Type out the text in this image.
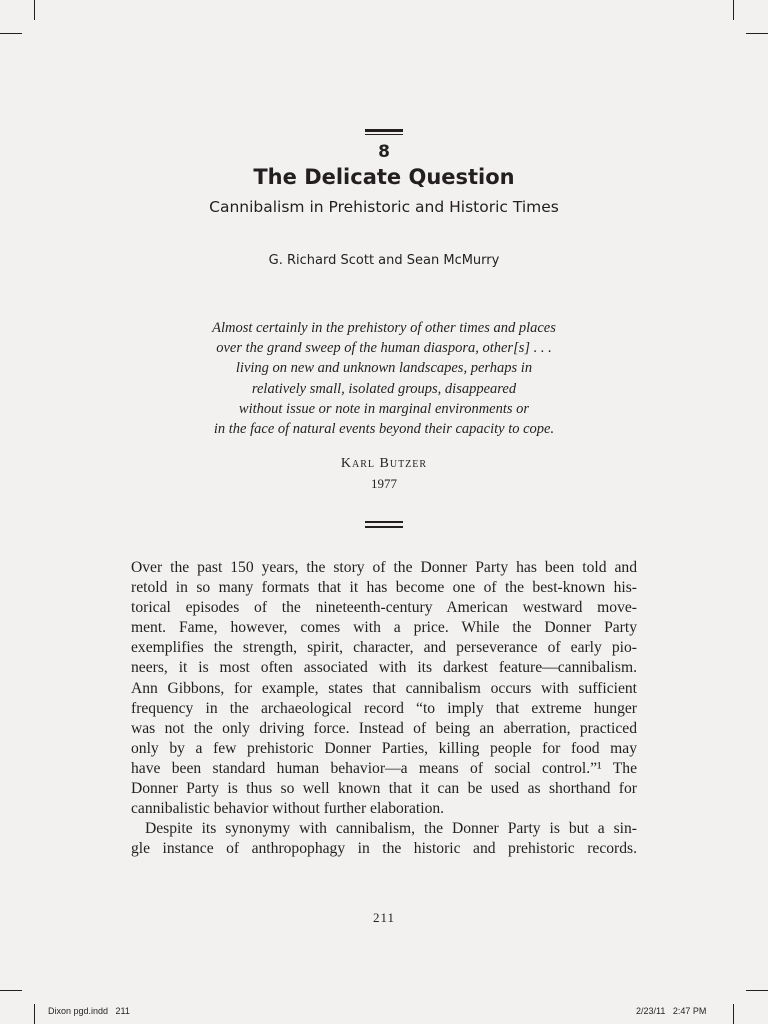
8
The Delicate Question
Cannibalism in Prehistoric and Historic Times
G. Richard Scott and Sean McMurry
Almost certainly in the prehistory of other times and places
over the grand sweep of the human diaspora, other[s] . . .
living on new and unknown landscapes, perhaps in
relatively small, isolated groups, disappeared
without issue or note in marginal environments or
in the face of natural events beyond their capacity to cope.
Karl Butzer
1977
Over the past 150 years, the story of the Donner Party has been told and
retold in so many formats that it has become one of the best-known his-
torical episodes of the nineteenth-century American westward move-
ment. Fame, however, comes with a price. While the Donner Party
exemplifies the strength, spirit, character, and perseverance of early pio-
neers, it is most often associated with its darkest feature—cannibalism.
Ann Gibbons, for example, states that cannibalism occurs with sufficient
frequency in the archaeological record “to imply that extreme hunger
was not the only driving force. Instead of being an aberration, practiced
only by a few prehistoric Donner Parties, killing people for food may
have been standard human behavior—a means of social control.”¹ The
Donner Party is thus so well known that it can be used as shorthand for
cannibalistic behavior without further elaboration.
Despite its synonymy with cannibalism, the Donner Party is but a sin-
gle instance of anthropophagy in the historic and prehistoric records.
211
Dixon pgd.indd   211	2/23/11   2:47 PM
